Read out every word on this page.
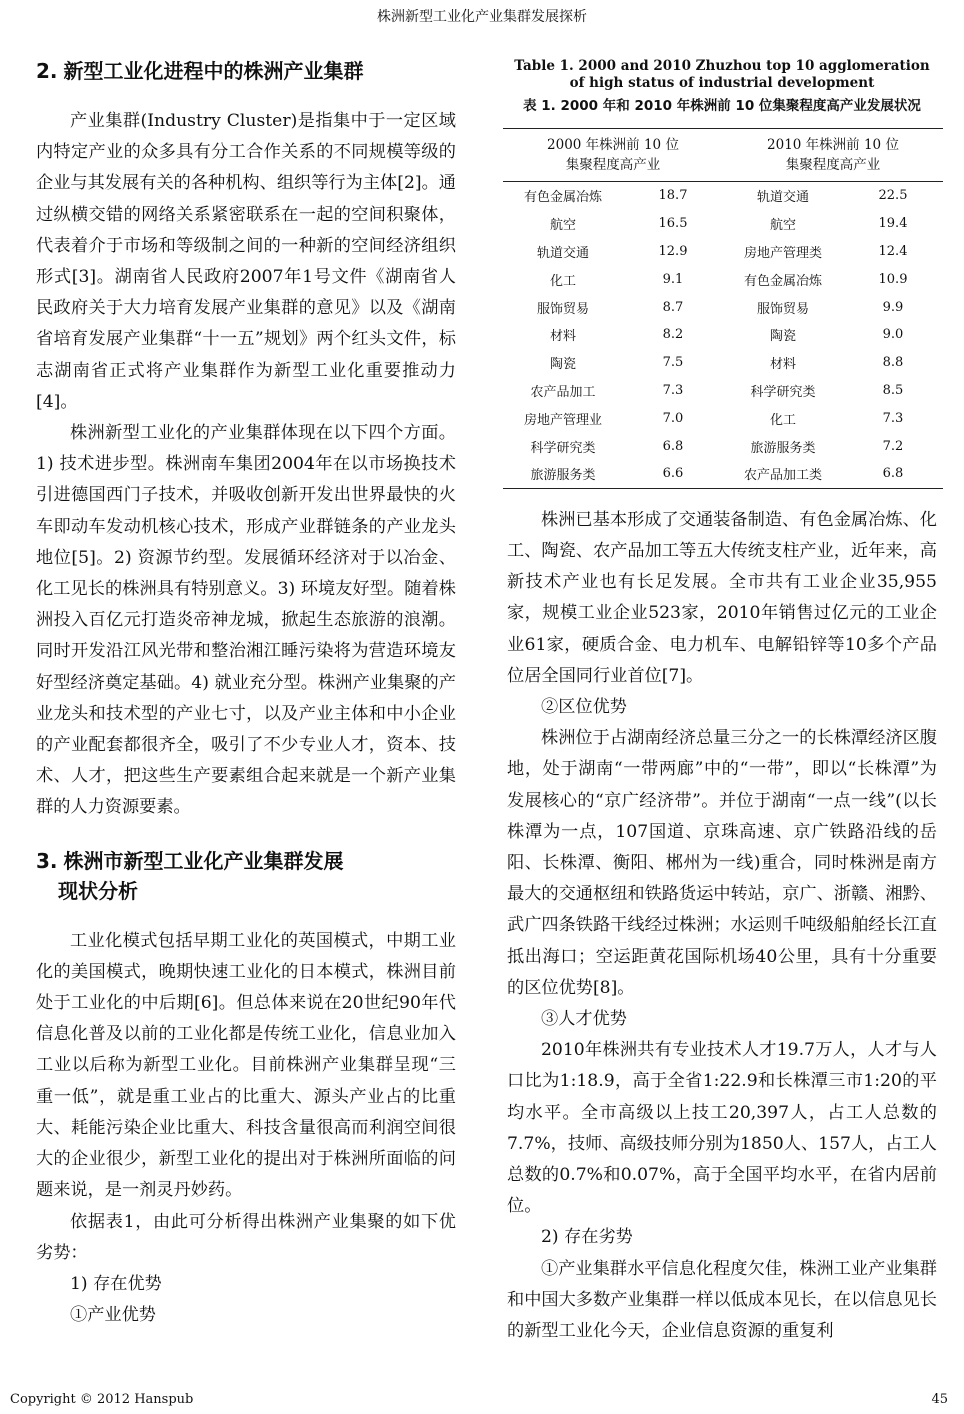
株洲新型工业化产业集群发展探析
2. 新型工业化进程中的株洲产业集群

产业集群(Industry Cluster)是指集中于一定区域内特定产业的众多具有分工合作关系的不同规模等级的企业与其发展有关的各种机构、组织等行为主体[2]。通过纵横交错的网络关系紧密联系在一起的空间积聚体，代表着介于市场和等级制之间的一种新的空间经济组织形式[3]。湖南省人民政府2007年1号文件《湖南省人民政府关于大力培育发展产业集群的意见》以及《湖南省培育发展产业集群“十一五”规划》两个红头文件，标志湖南省正式将产业集群作为新型工业化重要推动力[4]。

株洲新型工业化的产业集群体现在以下四个方面。1) 技术进步型。株洲南车集团2004年在以市场换技术引进德国西门子技术，并吸收创新开发出世界最快的火车即动车发动机核心技术，形成产业群链条的产业龙头地位[5]。2) 资源节约型。发展循环经济对于以冶金、化工见长的株洲具有特别意义。3) 环境友好型。随着株洲投入百亿元打造炎帝神龙城，掀起生态旅游的浪潮。同时开发沿江风光带和整治湘江睡污染将为营造环境友好型经济奠定基础。4) 就业充分型。株洲产业集聚的产业龙头和技术型的产业七寸，以及产业主体和中小企业的产业配套都很齐全，吸引了不少专业人才，资本、技术、人才，把这些生产要素组合起来就是一个新产业集群的人力资源要素。

3. 株洲市新型工业化产业集群发展
现状分析

工业化模式包括早期工业化的英国模式，中期工业化的美国模式，晚期快速工业化的日本模式，株洲目前处于工业化的中后期[6]。但总体来说在20世纪90年代信息化普及以前的工业化都是传统工业化，信息业加入工业以后称为新型工业化。目前株洲产业集群呈现“三重一低”，就是重工业占的比重大、源头产业占的比重大、耗能污染企业比重大、科技含量很高而利润空间很大的企业很少，新型工业化的提出对于株洲所面临的问题来说，是一剂灵丹妙药。

依据表1，由此可分析得出株洲产业集聚的如下优劣势：

1) 存在优势

①产业优势

Table 1. 2000 and 2010 Zhuzhou top 10 agglomeration of high status of industrial development
表 1. 2000 年和 2010 年株洲前 10 位集聚程度高产业发展状况
2000 年株洲前 10 位
集聚程度高产业		2010 年株洲前 10 位
集聚程度高产业	
有色金属冶炼	18.7	轨道交通	22.5
航空	16.5	航空	19.4
轨道交通	12.9	房地产管理类	12.4
化工	9.1	有色金属冶炼	10.9
服饰贸易	8.7	服饰贸易	9.9
材料	8.2	陶瓷	9.0
陶瓷	7.5	材料	8.8
农产品加工	7.3	科学研究类	8.5
房地产管理业	7.0	化工	7.3
科学研究类	6.8	旅游服务类	7.2
旅游服务类	6.6	农产品加工类	6.8

株洲已基本形成了交通装备制造、有色金属冶炼、化工、陶瓷、农产品加工等五大传统支柱产业，近年来，高新技术产业也有长足发展。全市共有工业企业35,955家，规模工业企业523家，2010年销售过亿元的工业企业61家，硬质合金、电力机车、电解铅锌等10多个产品位居全国同行业首位[7]。

②区位优势

株洲位于占湖南经济总量三分之一的长株潭经济区腹地，处于湖南“一带两廊”中的“一带”，即以“长株潭”为发展核心的“京广经济带”。并位于湖南“一点一线”(以长株潭为一点，107国道、京珠高速、京广铁路沿线的岳阳、长株潭、衡阳、郴州为一线)重合，同时株洲是南方最大的交通枢纽和铁路货运中转站，京广、浙赣、湘黔、武广四条铁路干线经过株洲；水运则千吨级船舶经长江直抵出海口；空运距黄花国际机场40公里，具有十分重要的区位优势[8]。

③人才优势

2010年株洲共有专业技术人才19.7万人，人才与人口比为1:18.9，高于全省1:22.9和长株潭三市1:20的平均水平。全市高级以上技工20,397人，占工人总数的7.7%，技师、高级技师分别为1850人、157人，占工人总数的0.7%和0.07%，高于全国平均水平，在省内居前位。

2) 存在劣势

①产业集群水平信息化程度欠佳，株洲工业产业集群和中国大多数产业集群一样以低成本见长，在以信息见长的新型工业化今天，企业信息资源的重复利

Copyright © 2012 Hanspub	45
